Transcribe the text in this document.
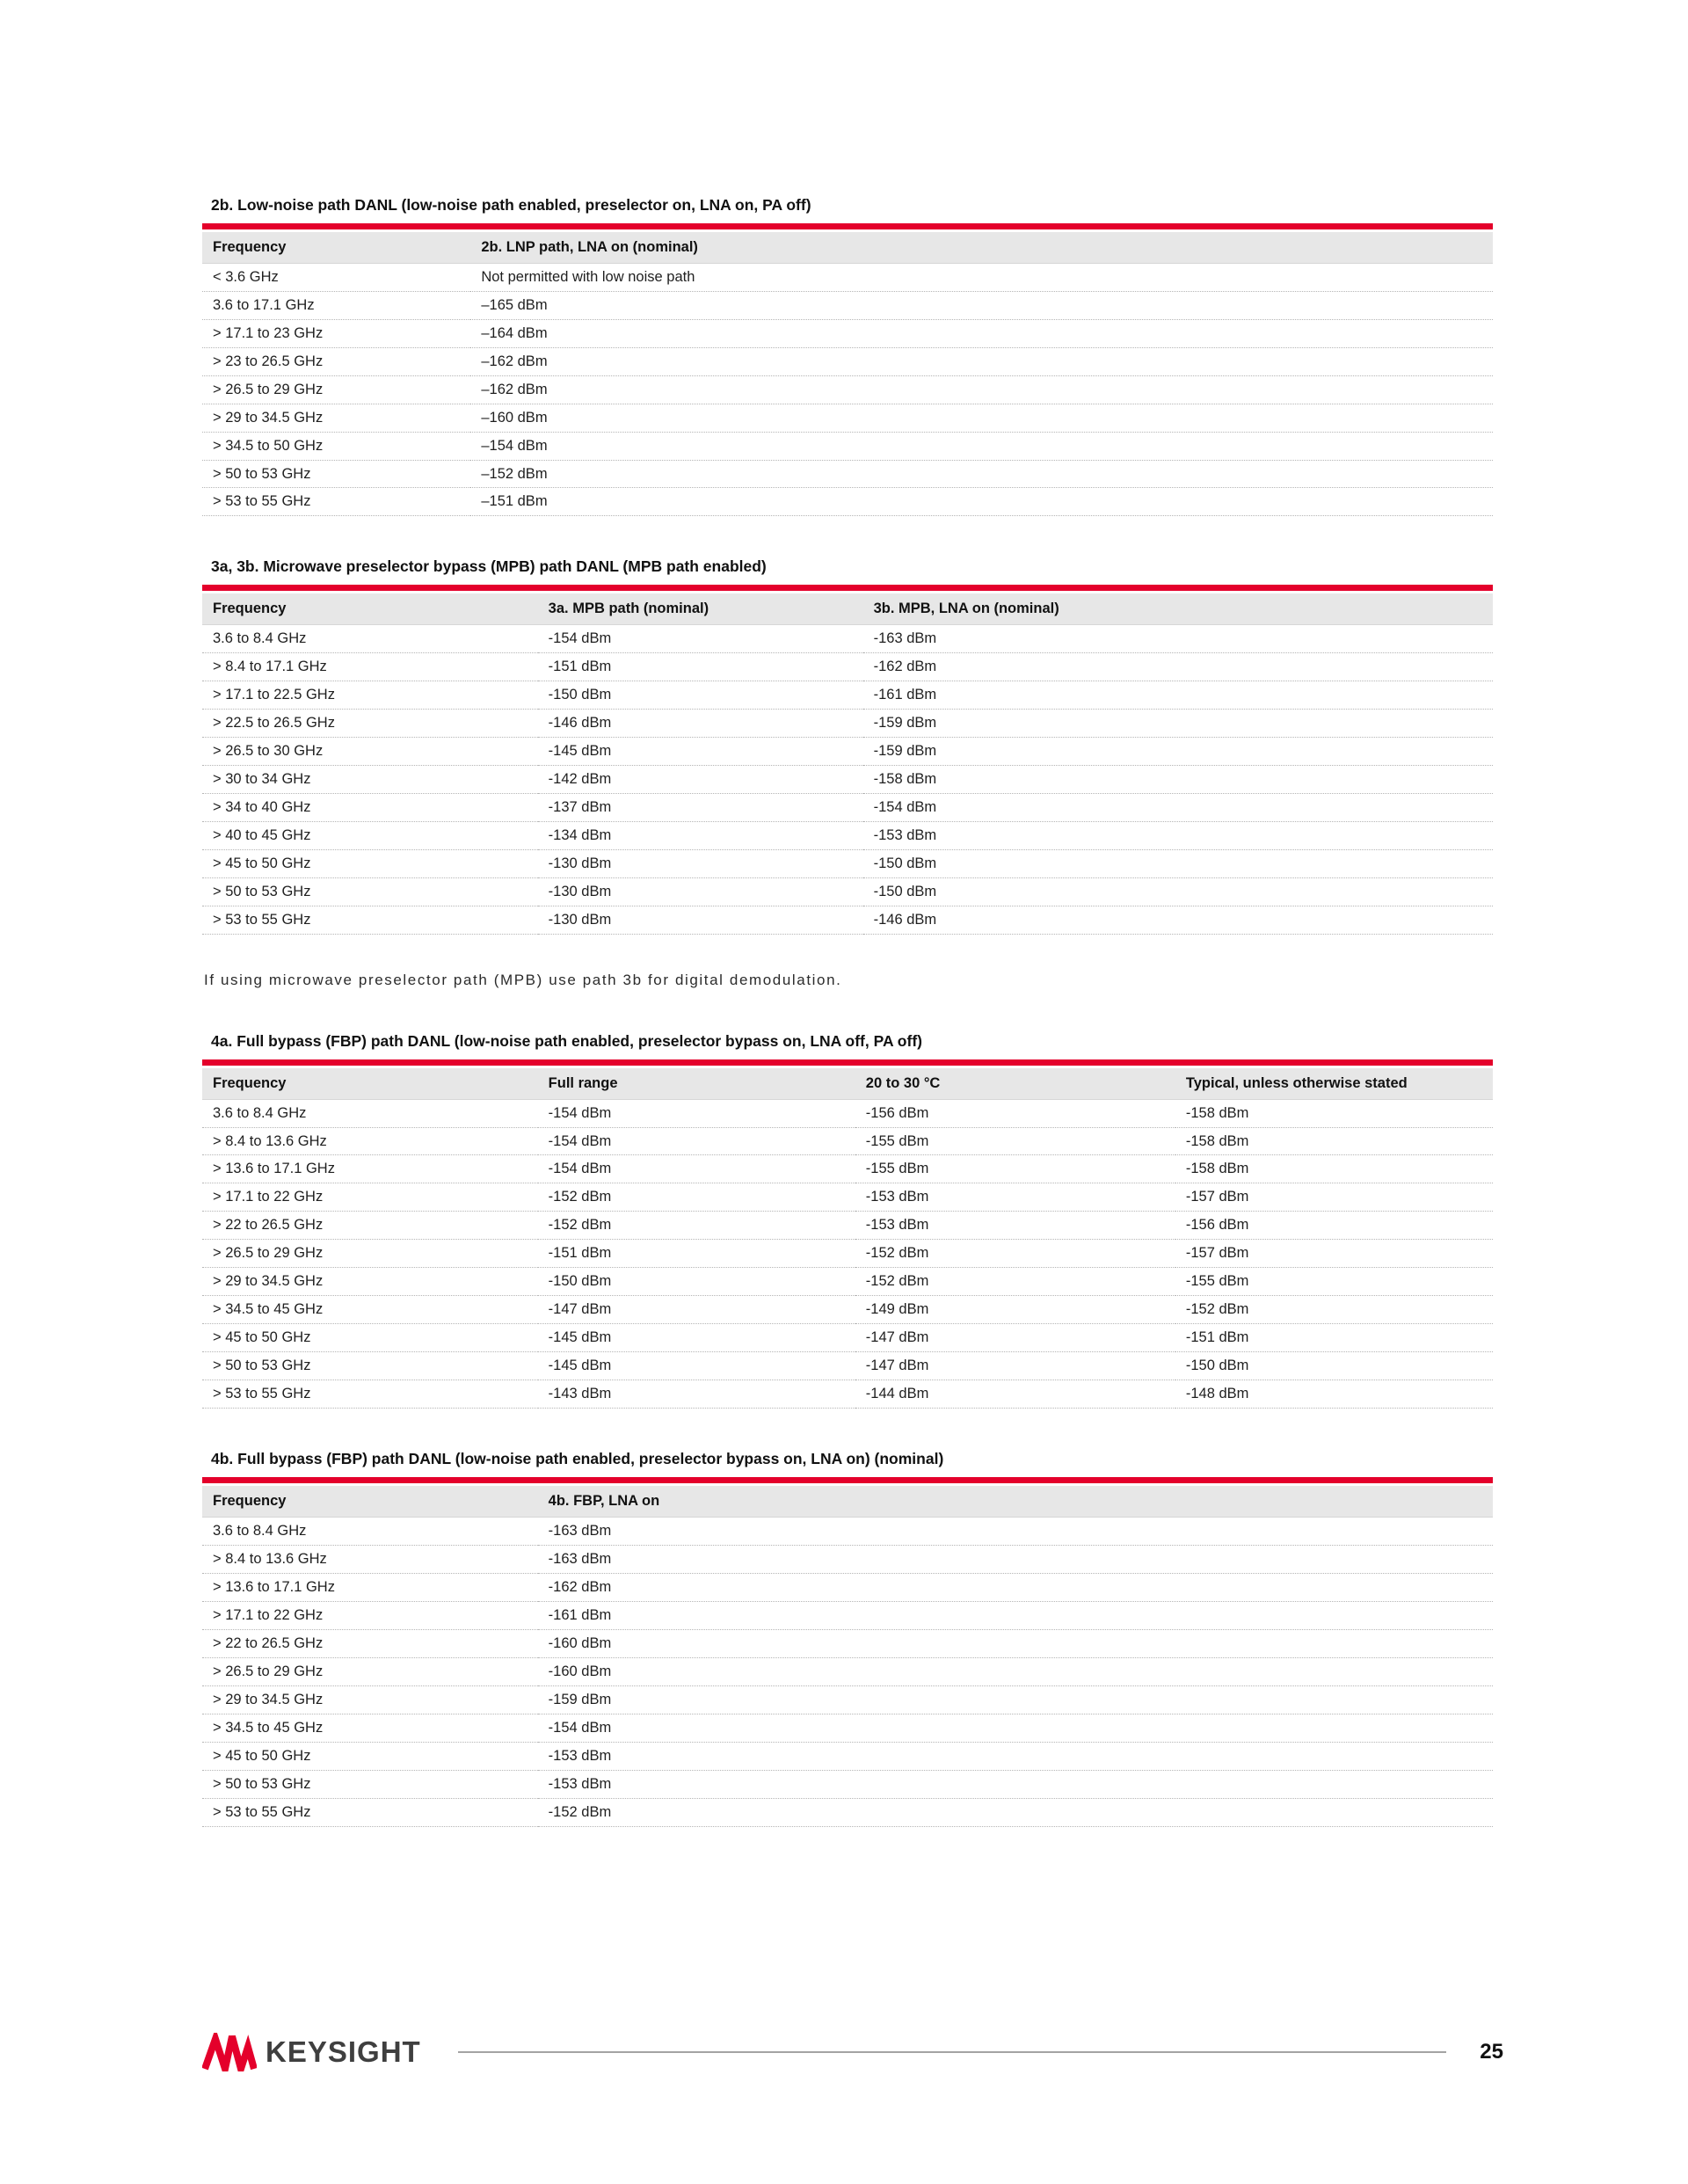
2b. Low-noise path DANL (low-noise path enabled, preselector on, LNA on, PA off)
Frequency	2b. LNP path, LNA on (nominal)
< 3.6 GHz	Not permitted with low noise path
3.6 to 17.1 GHz	–165 dBm
> 17.1 to 23 GHz	–164 dBm
> 23 to 26.5 GHz	–162 dBm
> 26.5 to 29 GHz	–162 dBm
> 29 to 34.5 GHz	–160 dBm
> 34.5 to 50 GHz	–154 dBm
> 50 to 53 GHz	–152 dBm
> 53 to 55 GHz	–151 dBm
3a, 3b. Microwave preselector bypass (MPB) path DANL (MPB path enabled)
Frequency	3a. MPB path (nominal)	3b. MPB, LNA on (nominal)
3.6 to 8.4 GHz	-154 dBm	-163 dBm
> 8.4 to 17.1 GHz	-151 dBm	-162 dBm
> 17.1 to 22.5 GHz	-150 dBm	-161 dBm
> 22.5 to 26.5 GHz	-146 dBm	-159 dBm
> 26.5 to 30 GHz	-145 dBm	-159 dBm
> 30 to 34 GHz	-142 dBm	-158 dBm
> 34 to 40 GHz	-137 dBm	-154 dBm
> 40 to 45 GHz	-134 dBm	-153 dBm
> 45 to 50 GHz	-130 dBm	-150 dBm
> 50 to 53 GHz	-130 dBm	-150 dBm
> 53 to 55 GHz	-130 dBm	-146 dBm

If using microwave preselector path (MPB) use path 3b for digital demodulation.

4a. Full bypass (FBP) path DANL (low-noise path enabled, preselector bypass on, LNA off, PA off)
Frequency	Full range	20 to 30 °C	Typical, unless otherwise stated
3.6 to 8.4 GHz	-154 dBm	-156 dBm	-158 dBm
> 8.4 to 13.6 GHz	-154 dBm	-155 dBm	-158 dBm
> 13.6 to 17.1 GHz	-154 dBm	-155 dBm	-158 dBm
> 17.1 to 22 GHz	-152 dBm	-153 dBm	-157 dBm
> 22 to 26.5 GHz	-152 dBm	-153 dBm	-156 dBm
> 26.5 to 29 GHz	-151 dBm	-152 dBm	-157 dBm
> 29 to 34.5 GHz	-150 dBm	-152 dBm	-155 dBm
> 34.5 to 45 GHz	-147 dBm	-149 dBm	-152 dBm
> 45 to 50 GHz	-145 dBm	-147 dBm	-151 dBm
> 50 to 53 GHz	-145 dBm	-147 dBm	-150 dBm
> 53 to 55 GHz	-143 dBm	-144 dBm	-148 dBm
4b. Full bypass (FBP) path DANL (low-noise path enabled, preselector bypass on, LNA on) (nominal)
Frequency	4b. FBP, LNA on
3.6 to 8.4 GHz	-163 dBm
> 8.4 to 13.6 GHz	-163 dBm
> 13.6 to 17.1 GHz	-162 dBm
> 17.1 to 22 GHz	-161 dBm
> 22 to 26.5 GHz	-160 dBm
> 26.5 to 29 GHz	-160 dBm
> 29 to 34.5 GHz	-159 dBm
> 34.5 to 45 GHz	-154 dBm
> 45 to 50 GHz	-153 dBm
> 50 to 53 GHz	-153 dBm
> 53 to 55 GHz	-152 dBm
KEYSIGHT	25
